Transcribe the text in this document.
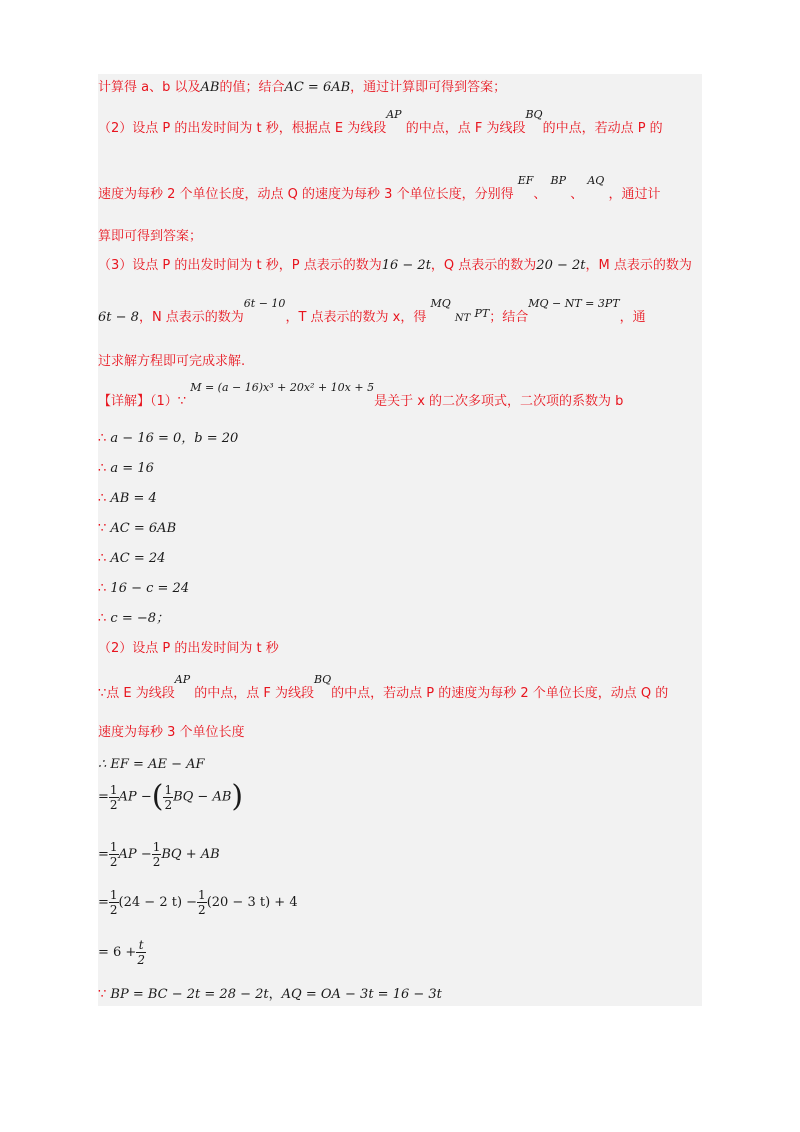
计算得 a、b 以及AB的值；结合AC = 6AB，通过计算即可得到答案；
（2）设点 P 的出发时间为 t 秒，根据点 E 为线段$^{AP}$ 的中点，点 F 为线段$^{BQ}$的中点，若动点 P 的
速度为每秒 2 个单位长度，动点 Q 的速度为每秒 3 个单位长度，分别得 $^{EF}$、 $^{BP}$ 、 $^{AQ}$ ，通过计
算即可得到答案；
（3）设点 P 的出发时间为 t 秒，P 点表示的数为16 − 2t，Q 点表示的数为20 − 2t，M 点表示的数为
6t − 8，N 点表示的数为$^{6t - 10}$，T 点表示的数为 x，得 $^{MQ}$ NT $^{PT}$；结合$^{MQ - NT = 3PT}$，通
过求解方程即可完成求解.
【详解】（1）∵ $^{M = (a - 16)x^3 + 20x^2 + 10x + 5}$是关于 x 的二次多项式，二次项的系数为 b
∴ a − 16 = 0，b = 20
∴ a = 16
∴ AB = 4
∵ AC = 6AB
∴ AC = 24
∴ 16 − c = 24
∴ c = −8；
（2）设点 P 的出发时间为 t 秒
∵点 E 为线段$^{AP}$ 的中点，点 F 为线段$^{BQ}$的中点，若动点 P 的速度为每秒 2 个单位长度，动点 Q 的
速度为每秒 3 个单位长度
∴ EF = AE − AF
= $\frac{1}{2}$ AP −( $\frac{1}{2}$ BQ − AB)
= $\frac{1}{2}$ AP − $\frac{1}{2}$ BQ + AB
= $\frac{1}{2} (24 - 2$ $t) - \frac{1}{2} (20 - 3$ t) + 4
= $6 + \frac{t}{2}$
∵ BP = BC − 2t = 28 − 2t，AQ = OA − 3t = 16 − 3t
